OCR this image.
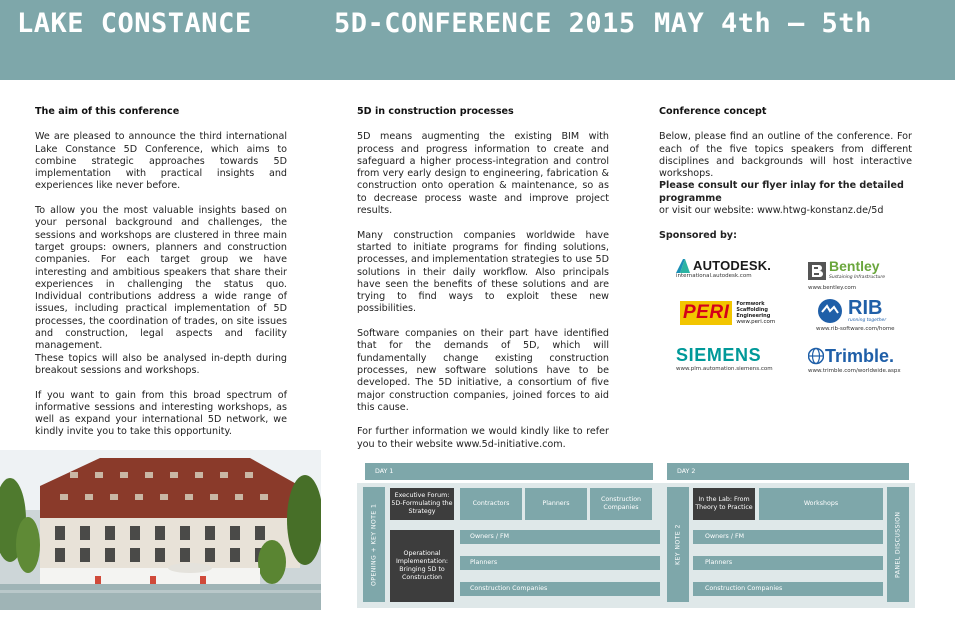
LAKE CONSTANCE	5D-CONFERENCE 2015 MAY 4th – 5th
The aim of this conference

We are pleased to announce the third international Lake Constance 5D Conference, which aims to combine strategic approaches towards 5D implementation with practical insights and experiences like never before.

To allow you the most valuable insights based on your personal background and challenges, the sessions and workshops are clustered in three main target groups: owners, planners and construction companies. For each target group we have interesting and ambitious speakers that share their experiences in challenging the status quo. Individual contributions address a wide range of issues, including practical implementation of 5D processes, the coordination of trades, on site issues and construction, legal aspects and facility management.

These topics will also be analysed in-depth during breakout sessions and workshops.

If you want to gain from this broad spectrum of informative sessions and interesting workshops, as well as expand your international 5D network, we kindly invite you to take this opportunity.

5D in construction processes

5D means augmenting the existing BIM with process and progress information to create and safeguard a higher process-integration and control from very early design to engineering, fabrication & construction onto operation & maintenance, so as to decrease process waste and improve project results.

Many construction companies worldwide have started to initiate programs for finding solutions, processes, and implementation strategies to use 5D solutions in their daily workflow. Also principals have seen the benefits of these solutions and are trying to find ways to exploit these new possibilities.

Software companies on their part have identified that for the demands of 5D, which will fundamentally change existing construction processes, new software solutions have to be developed. The 5D initiative, a consortium of five major construction companies, joined forces to aid this cause.

For further information we would kindly like to refer you to their website www.5d-initiative.com.

Conference concept

Below, please find an outline of the conference. For each of the five topics speakers from different disciplines and backgrounds will host interactive workshops.

Please consult our flyer inlay for the detailed programme
or visit our website: www.htwg-konstanz.de/5d

Sponsored by:
AUTODESK.
international.autodesk.com
Bentley
Sustaining Infrastructure
www.bentley.com
PERI Formwork
Scaffolding
Engineering
www.peri.com
RIB
running together
www.rib-software.com/home
SIEMENS
www.plm.automation.siemens.com
Trimble.
www.trimble.com/worldwide.aspx
DAY 1	DAY 2
OPENING + KEY NOTE 1	KEY NOTE 2	PANEL DISCUSSION
Executive Forum: 5D-Formulating the Strategy
Contractors	Planners
Construction Companies
Operational Implementation: Bringing 5D to Construction
Owners / FM
Planners
Construction Companies
In the Lab: From Theory to Practice
Workshops
Owners / FM
Planners
Construction Companies
